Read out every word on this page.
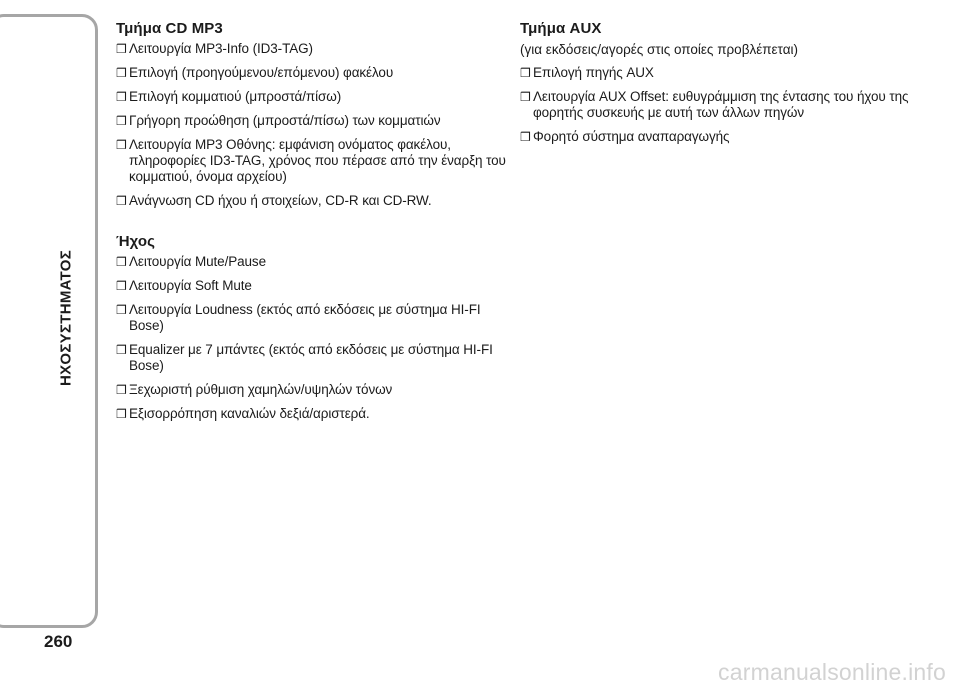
ΗΧΟΣΥΣΤΗΜΑΤΟΣ
260
Τμήμα CD MP3
❒ Λειτουργία MP3-Info (ID3-TAG)
❒ Επιλογή (προηγούμενου/επόμενου) φακέλου
❒ Επιλογή κομματιού (μπροστά/πίσω)
❒ Γρήγορη προώθηση (μπροστά/πίσω) των κομματιών
❒ Λειτουργία MP3 Οθόνης: εμφάνιση ονόματος φακέλου, πληροφορίες ID3-TAG, χρόνος που πέρασε από την έναρξη του κομματιού, όνομα αρχείου)
❒ Ανάγνωση CD ήχου ή στοιχείων, CD-R και CD-RW.
Ήχος
❒ Λειτουργία Mute/Pause
❒ Λειτουργία Soft Mute
❒ Λειτουργία Loudness (εκτός από εκδόσεις με σύστημα HI-FI Bose)
❒ Equalizer με 7 μπάντες (εκτός από εκδόσεις με σύστημα HI-FI Bose)
❒ Ξεχωριστή ρύθμιση χαμηλών/υψηλών τόνων
❒ Εξισορρόπηση καναλιών δεξιά/αριστερά.
Τμήμα AUX
(για εκδόσεις/αγορές στις οποίες προβλέπεται)
❒ Επιλογή πηγής AUX
❒ Λειτουργία AUX Offset: ευθυγράμμιση της έντασης του ήχου της φορητής συσκευής με αυτή των άλλων πηγών
❒ Φορητό σύστημα αναπαραγωγής
carmanualsonline.info
